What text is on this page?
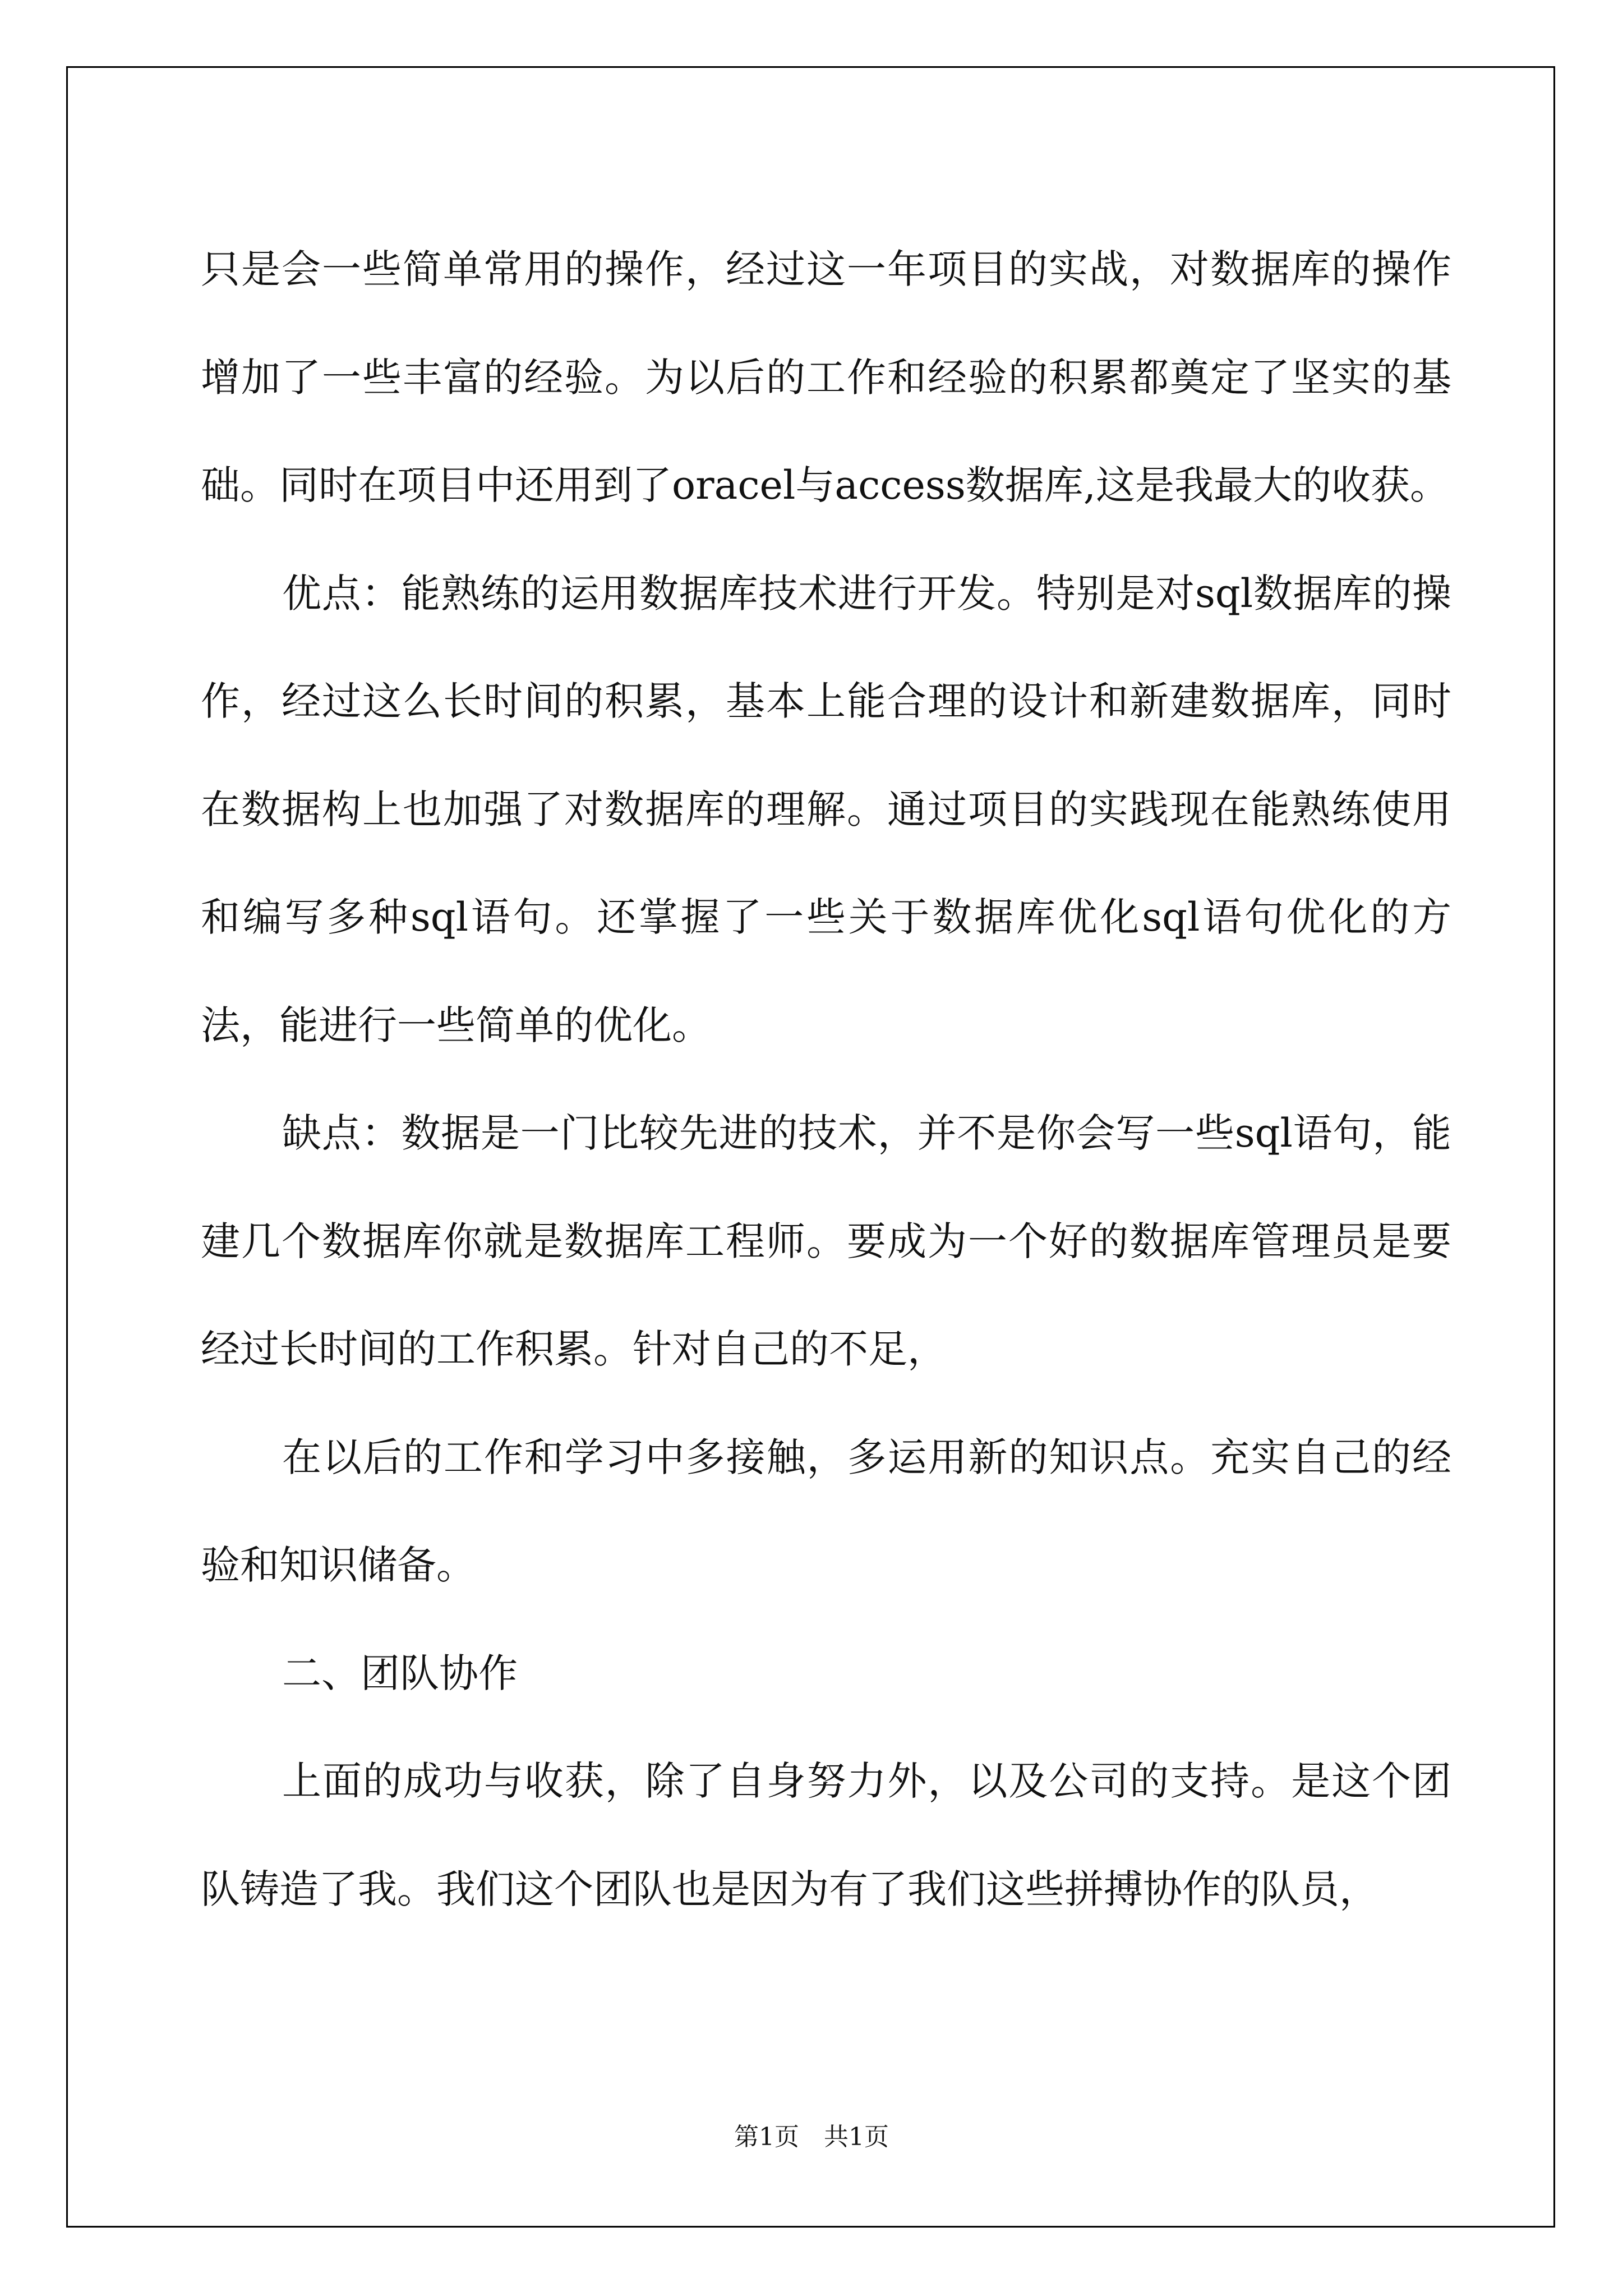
只是会一些简单常用的操作，经过这一年项目的实战，对数据库的操作增加了一些丰富的经验。为以后的工作和经验的积累都奠定了坚实的基础。同时在项目中还用到了oracel与access数据库,这是我最大的收获。

优点：能熟练的运用数据库技术进行开发。特别是对sql数据库的操作，经过这么长时间的积累，基本上能合理的设计和新建数据库，同时在数据构上也加强了对数据库的理解。通过项目的实践现在能熟练使用和编写多种sql语句。还掌握了一些关于数据库优化sql语句优化的方法，能进行一些简单的优化。

缺点：数据是一门比较先进的技术，并不是你会写一些sql语句，能建几个数据库你就是数据库工程师。要成为一个好的数据库管理员是要经过长时间的工作积累。针对自己的不足，

在以后的工作和学习中多接触，多运用新的知识点。充实自己的经验和知识储备。

二、团队协作

上面的成功与收获，除了自身努力外，以及公司的支持。是这个团队铸造了我。我们这个团队也是因为有了我们这些拼搏协作的队员，

第1页 共1页
